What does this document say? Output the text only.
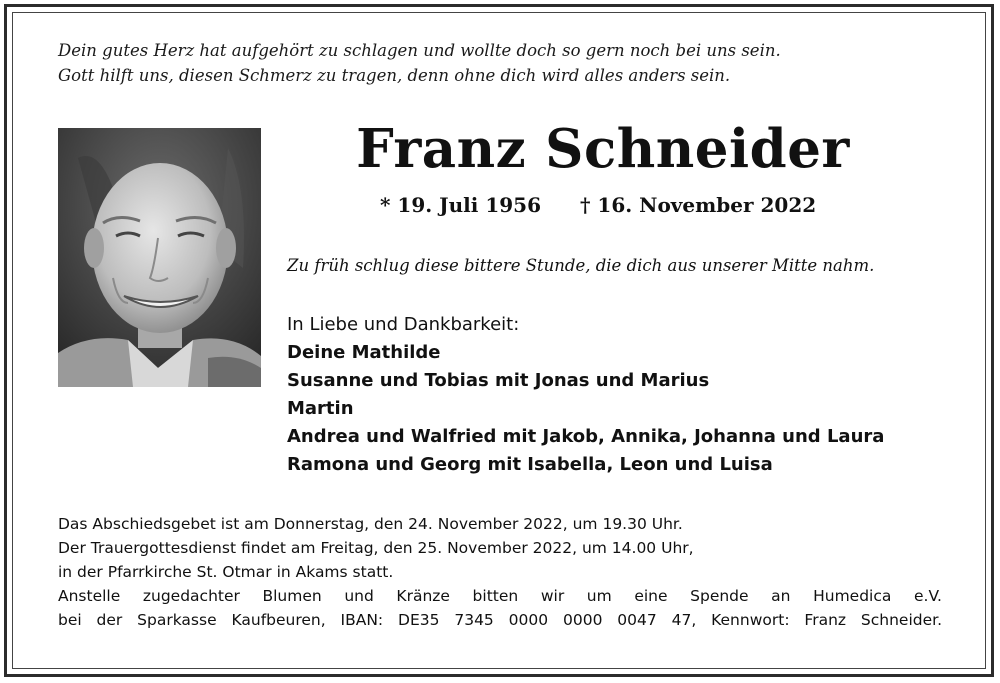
Dein gutes Herz hat aufgehört zu schlagen und wollte doch so gern noch bei uns sein.
Gott hilft uns, diesen Schmerz zu tragen, denn ohne dich wird alles anders sein.
Franz Schneider
* 19. Juli 1956 † 16. November 2022
Zu früh schlug diese bittere Stunde, die dich aus unserer Mitte nahm.
In Liebe und Dankbarkeit:
Deine Mathilde
Susanne und Tobias mit Jonas und Marius
Martin
Andrea und Walfried mit Jakob, Annika, Johanna und Laura
Ramona und Georg mit Isabella, Leon und Luisa
Das Abschiedsgebet ist am Donnerstag, den 24. November 2022, um 19.30 Uhr.
Der Trauergottesdienst findet am Freitag, den 25. November 2022, um 14.00 Uhr,
in der Pfarrkirche St. Otmar in Akams statt.
Anstelle zugedachter Blumen und Kränze bitten wir um eine Spende an Humedica e.V.
bei der Sparkasse Kaufbeuren, IBAN: DE35 7345 0000 0000 0047 47, Kennwort: Franz Schneider.
